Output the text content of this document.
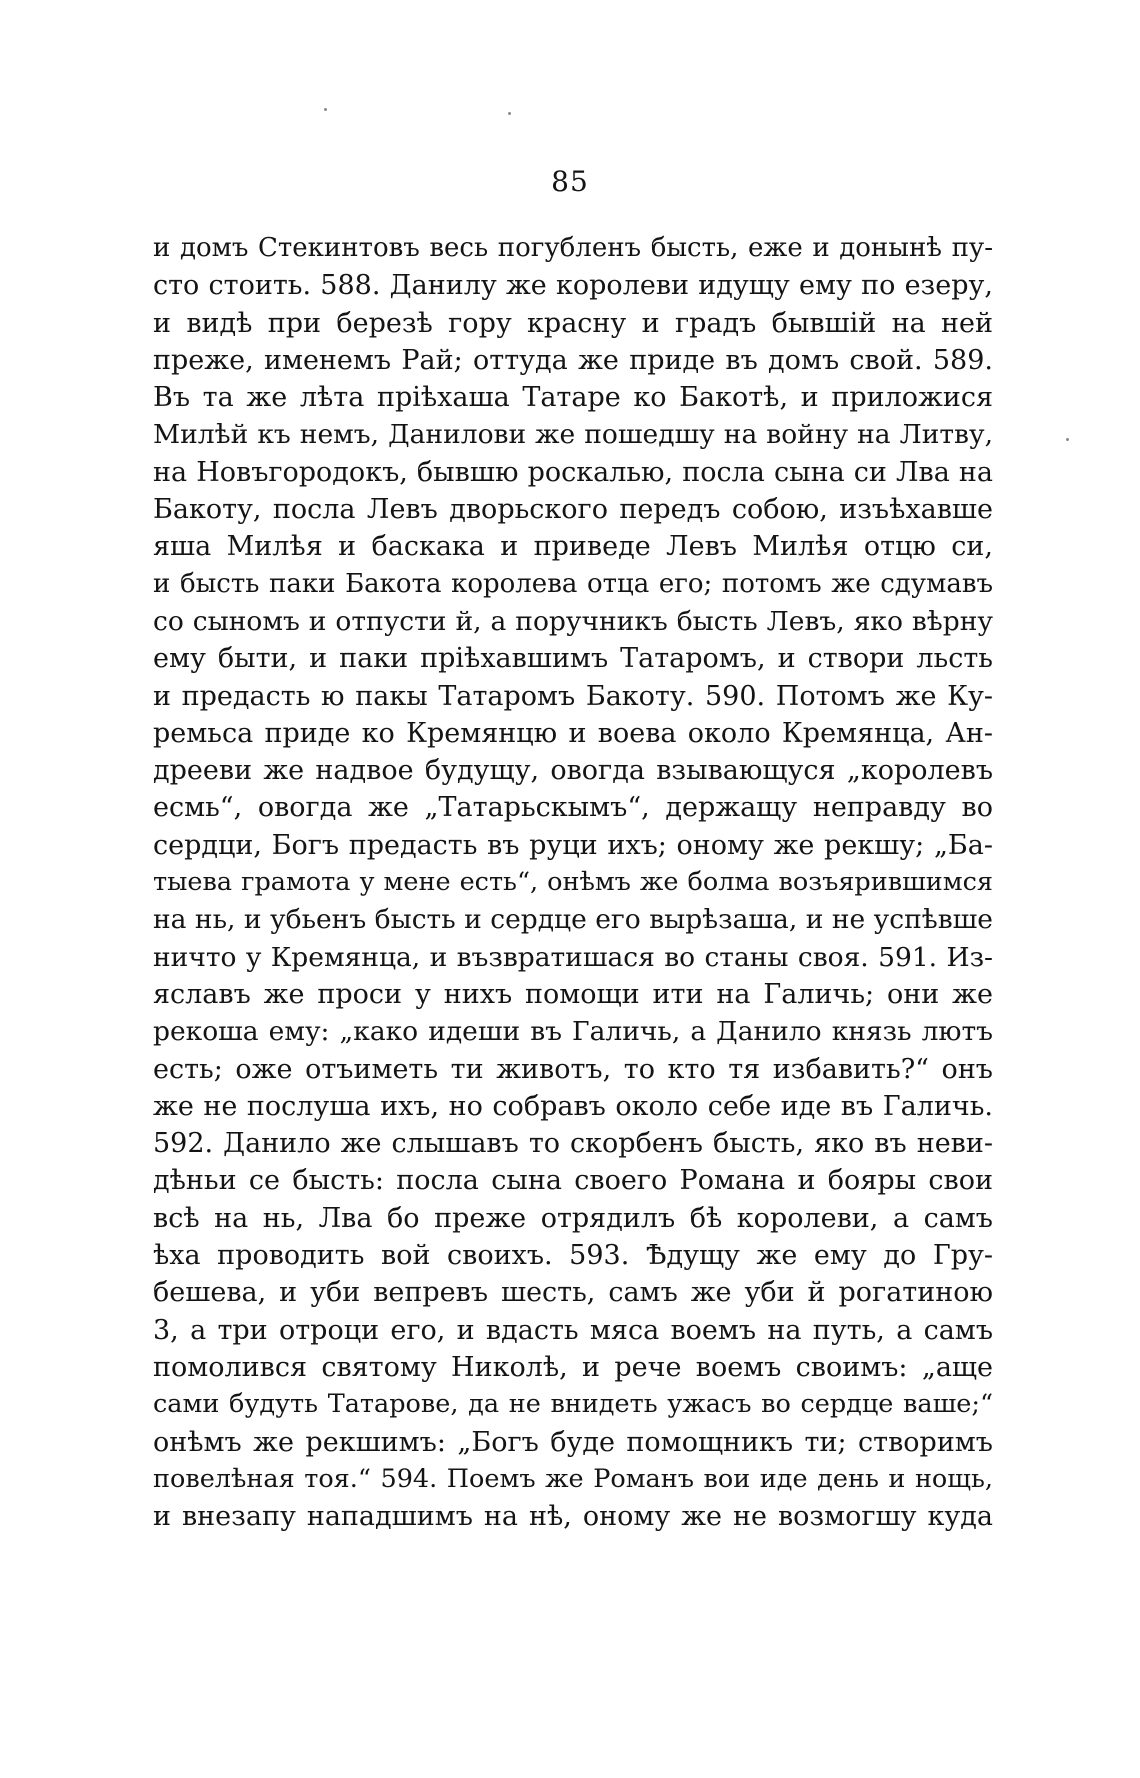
85
и домъ Стекинтовъ весь погубленъ бысть, еже и донынѣ пу-
сто стоить. 588. Данилу же королеви идущу ему по езеру,
и видѣ при березѣ гору красну и градъ бывшій на ней
преже, именемъ Рай; оттуда же приде въ домъ свой. 589.
Въ та же лѣта пріѣхаша Татаре ко Бакотѣ, и приложися
Милѣй къ немъ, Данилови же пошедшу на войну на Литву,
на Новъгородокъ, бывшю роскалью, посла сына си Лва на
Бакоту, посла Левъ дворьского передъ собою, изъѣхавше
яша Милѣя и баскака и приведе Левъ Милѣя отцю си,
и бысть паки Бакота королева отца его; потомъ же сдумавъ
со сыномъ и отпусти й, а поручникъ бысть Левъ, яко вѣрну
ему быти, и паки пріѣхавшимъ Татаромъ, и створи льсть
и предасть ю пакы Татаромъ Бакоту. 590. Потомъ же Ку-
ремьса приде ко Кремянцю и воева около Кремянца, Ан-
дрееви же надвое будущу, овогда взывающуся „королевъ
есмь“, овогда же „Татарьскымъ“, держащу неправду во
сердци, Богъ предасть въ руци ихъ; оному же рекшу; „Ба-
тыева грамота у мене есть“, онѣмъ же болма возъярившимся
на нь, и убьенъ бысть и сердце его вырѣзаша, и не успѣвше
ничто у Кремянца, и възвратишася во станы своя. 591. Из-
яславъ же проси у нихъ помощи ити на Галичь; они же
рекоша ему: „како идеши въ Галичь, а Данило князь лютъ
есть; оже отъиметь ти животъ, то кто тя избавить?“ онъ
же не послуша ихъ, но собравъ около себе иде въ Галичь.
592. Данило же слышавъ то скорбенъ бысть, яко въ неви-
дѣньи се бысть: посла сына своего Романа и бояры свои
всѣ на нь, Лва бо преже отрядилъ бѣ королеви, а самъ
ѣха проводить вой своихъ. 593. Ѣдущу же ему до Гру-
бешева, и уби вепревъ шесть, самъ же уби й рогатиною
3, а три отроци его, и вдасть мяса воемъ на путь, а самъ
помолився святому Николѣ, и рече воемъ своимъ: „аще
сами будуть Татарове, да не внидеть ужасъ во сердце ваше;“
онѣмъ же рекшимъ: „Богъ буде помощникъ ти; створимъ
повелѣная тоя.“ 594. Поемъ же Романъ вои иде день и нощь,
и внезапу нападшимъ на нѣ, оному же не возмогшу куда
